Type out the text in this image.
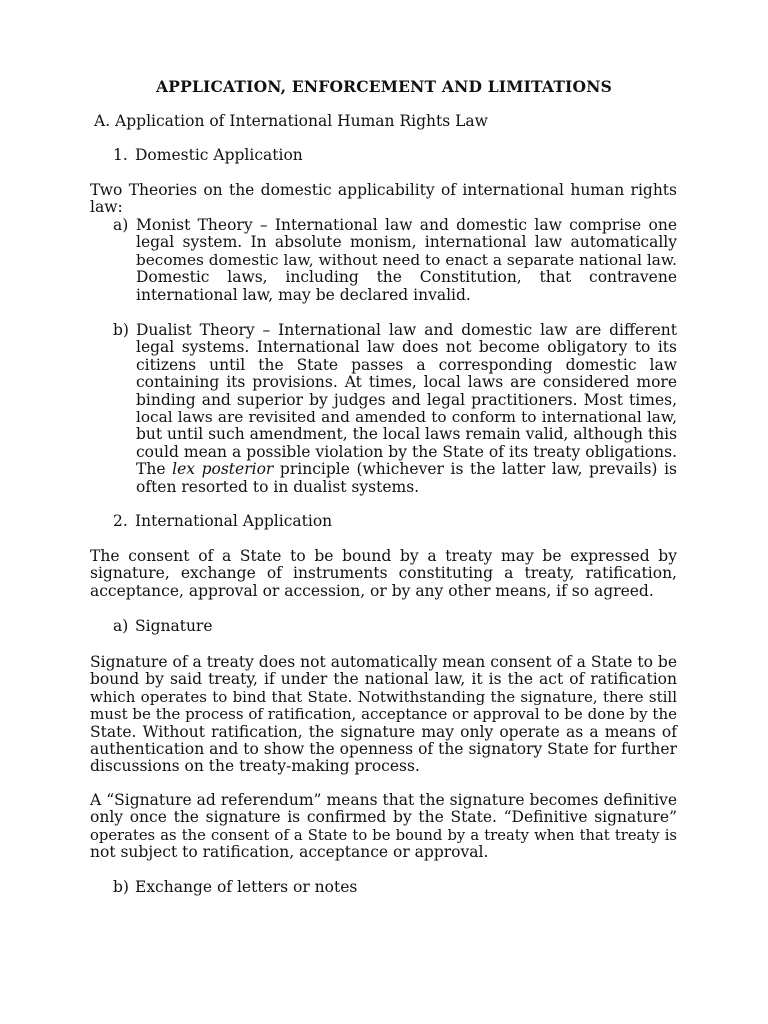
APPLICATION, ENFORCEMENT AND LIMITATIONS
A. Application of International Human Rights Law
1. Domestic Application
Two Theories on the domestic applicability of international human rights
law:
a) Monist Theory – International law and domestic law comprise one
legal system. In absolute monism, international law automatically
becomes domestic law, without need to enact a separate national law.
Domestic laws, including the Constitution, that contravene
international law, may be declared invalid.
b) Dualist Theory – International law and domestic law are different
legal systems. International law does not become obligatory to its
citizens until the State passes a corresponding domestic law
containing its provisions. At times, local laws are considered more
binding and superior by judges and legal practitioners. Most times,
local laws are revisited and amended to conform to international law,
but until such amendment, the local laws remain valid, although this
could mean a possible violation by the State of its treaty obligations.
The lex posterior principle (whichever is the latter law, prevails) is
often resorted to in dualist systems.
2. International Application
The consent of a State to be bound by a treaty may be expressed by
signature, exchange of instruments constituting a treaty, ratification,
acceptance, approval or accession, or by any other means, if so agreed.
a) Signature
Signature of a treaty does not automatically mean consent of a State to be
bound by said treaty, if under the national law, it is the act of ratification
which operates to bind that State. Notwithstanding the signature, there still
must be the process of ratification, acceptance or approval to be done by the
State. Without ratification, the signature may only operate as a means of
authentication and to show the openness of the signatory State for further
discussions on the treaty-making process.
A “Signature ad referendum” means that the signature becomes definitive
only once the signature is confirmed by the State. “Definitive signature”
operates as the consent of a State to be bound by a treaty when that treaty is
not subject to ratification, acceptance or approval.
b) Exchange of letters or notes
